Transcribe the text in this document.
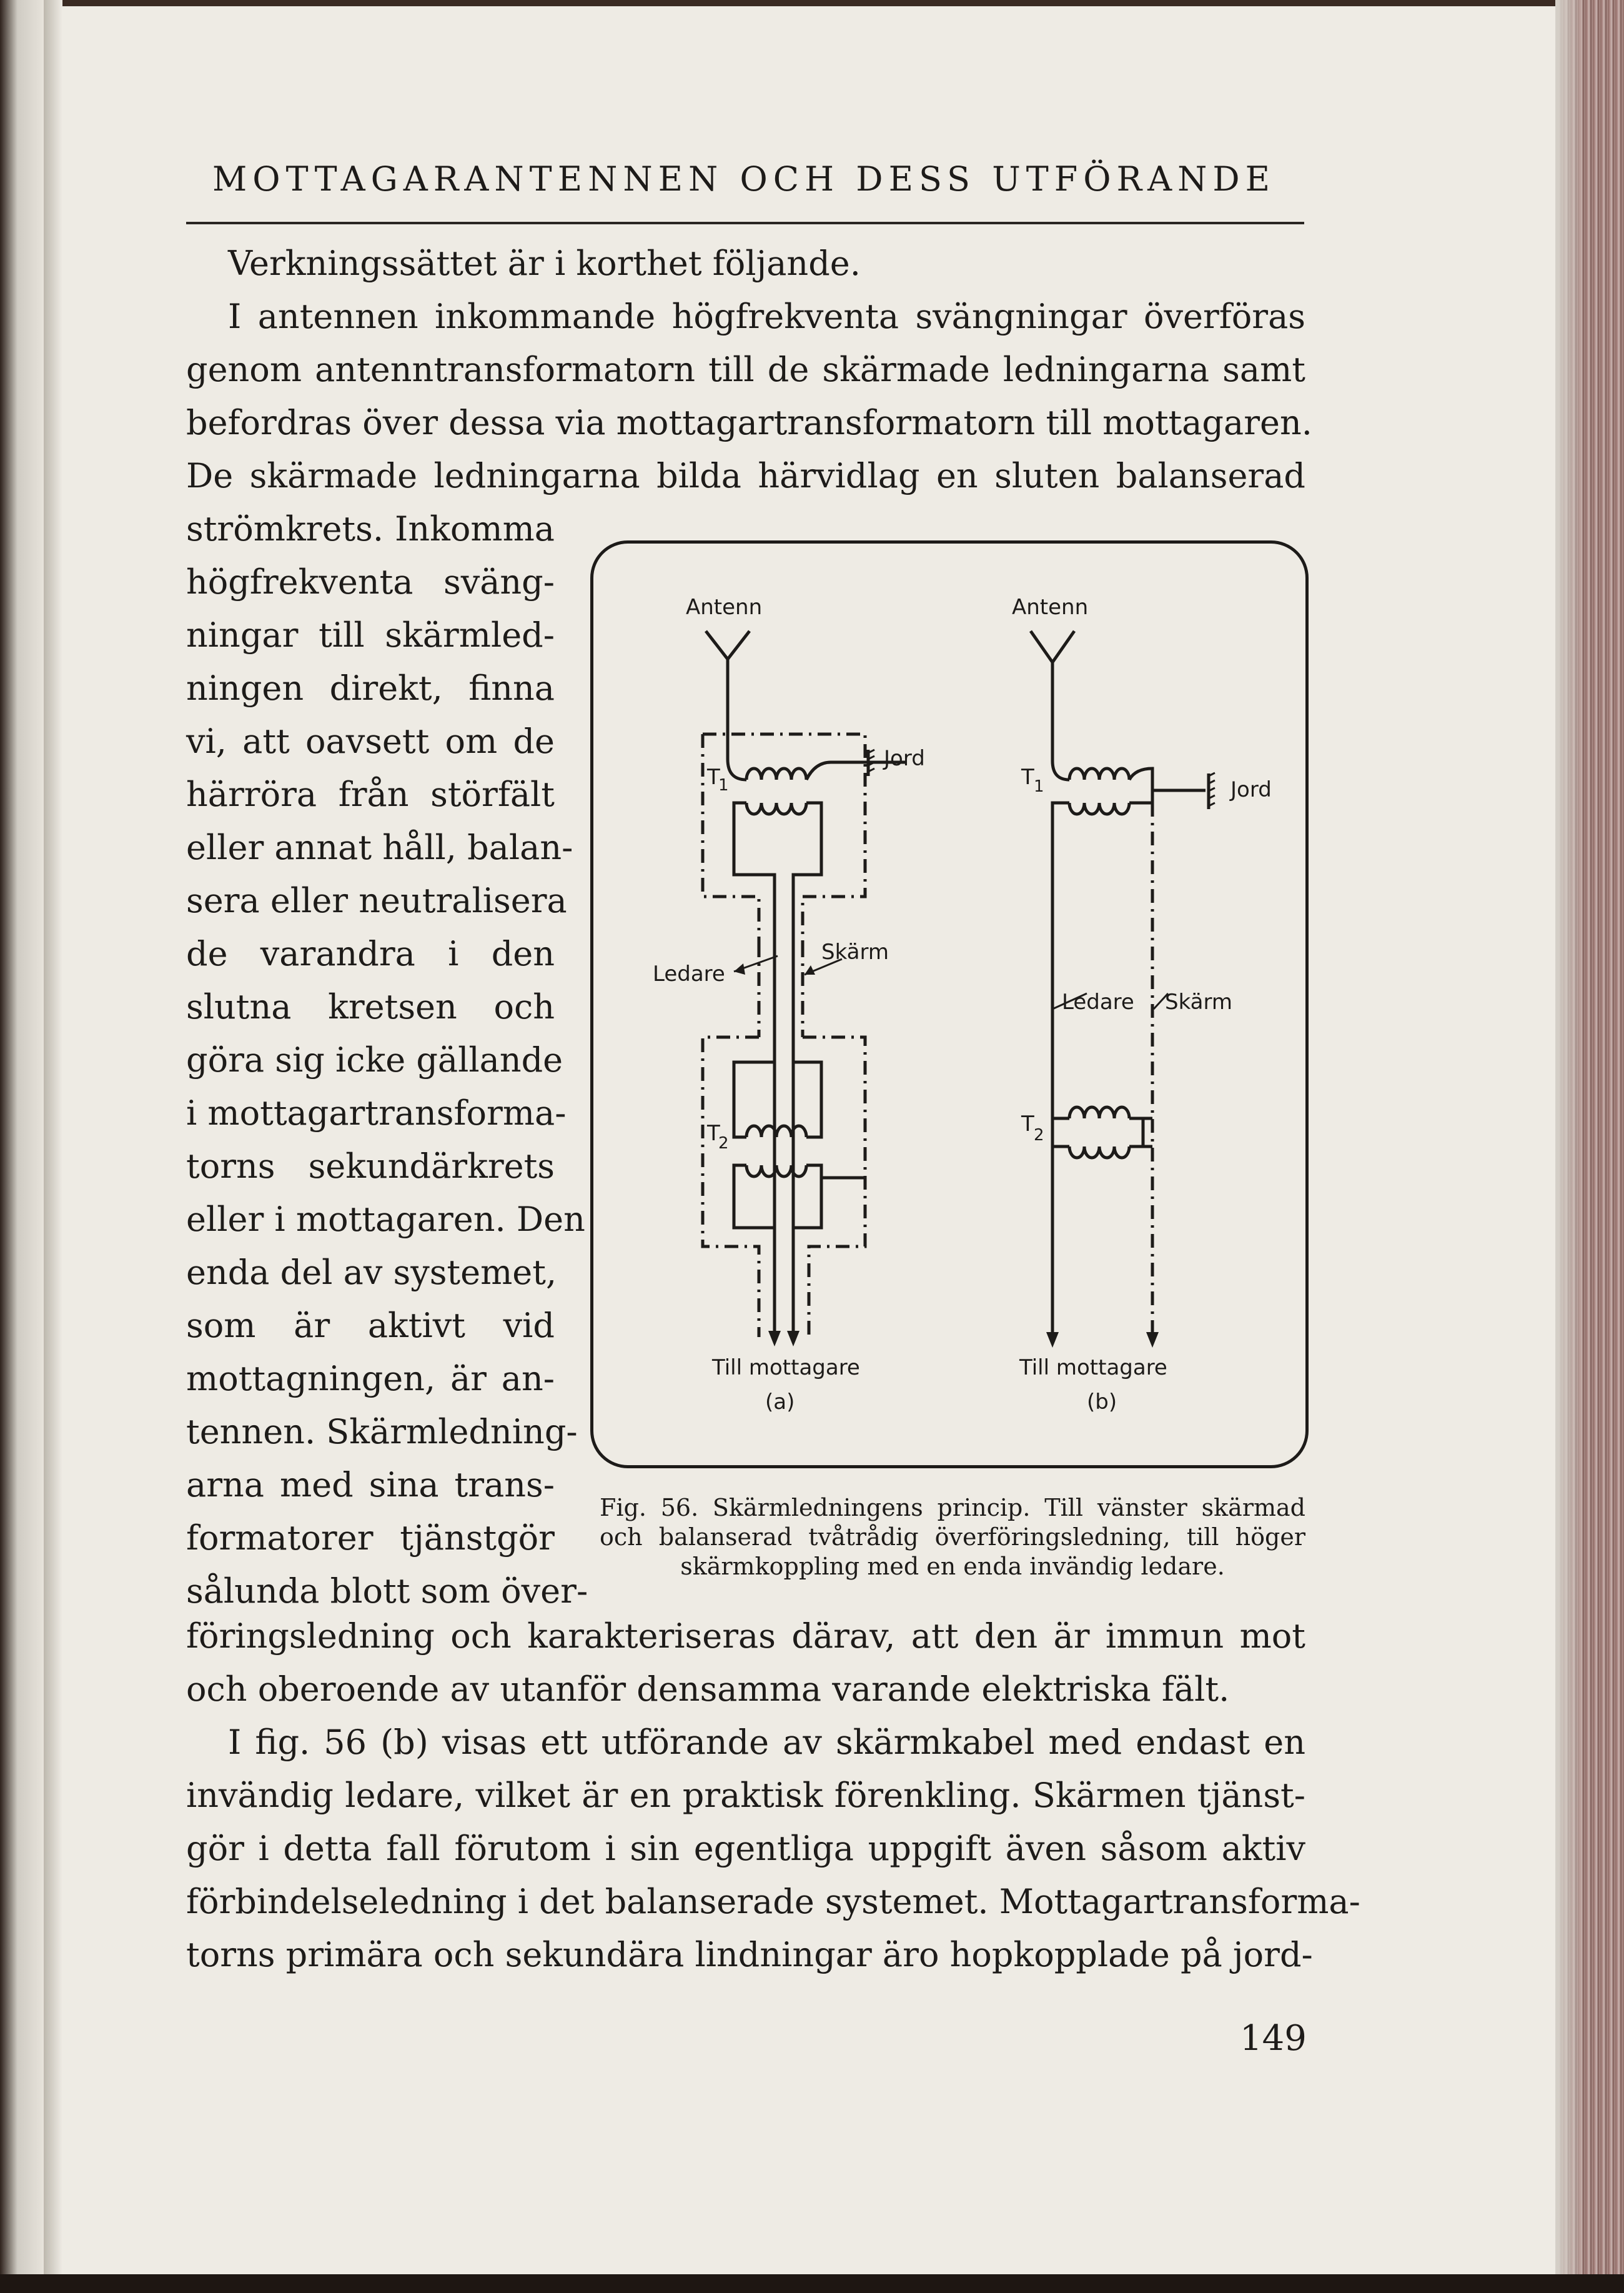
MOTTAGARANTENNEN OCH DESS UTFÖRANDE
Verkningssättet är i korthet följande.
I antennen inkommande högfrekventa svängningar överföras
genom antenntransformatorn till de skärmade ledningarna samt
befordras över dessa via mottagartransformatorn till mottagaren.
De skärmade ledningarna bilda härvidlag en sluten balanserad
strömkrets. Inkomma
högfrekventa sväng-
ningar till skärmled-
ningen direkt, finna
vi, att oavsett om de
härröra från störfält
eller annat håll, balan-
sera eller neutralisera
de varandra i den
slutna kretsen och
göra sig icke gällande
i mottagartransforma-
torns sekundärkrets
eller i mottagaren. Den
enda del av systemet,
som är aktivt vid
mottagningen, är an-
tennen. Skärmledning-
arna med sina trans-
formatorer tjänstgör
sålunda blott som över-
föringsledning och karakteriseras därav, att den är immun mot
och oberoende av utanför densamma varande elektriska fält.
I fig. 56 (b) visas ett utförande av skärmkabel med endast en
invändig ledare, vilket är en praktisk förenkling. Skärmen tjänst-
gör i detta fall förutom i sin egentliga uppgift även såsom aktiv
förbindelseledning i det balanserade systemet. Mottagartransforma-
torns primära och sekundära lindningar äro hopkopplade på jord-
Antenn
T
1
Jord
Ledare
Skärm
T
2
Till mottagare
(a)
Antenn
T 1	Jord
Ledare Skärm
T 2
Till mottagare
(b)
Fig. 56. Skärmledningens princip. Till vänster skärmad
och balanserad tvåtrådig överföringsledning, till höger
skärmkoppling med en enda invändig ledare.
149
